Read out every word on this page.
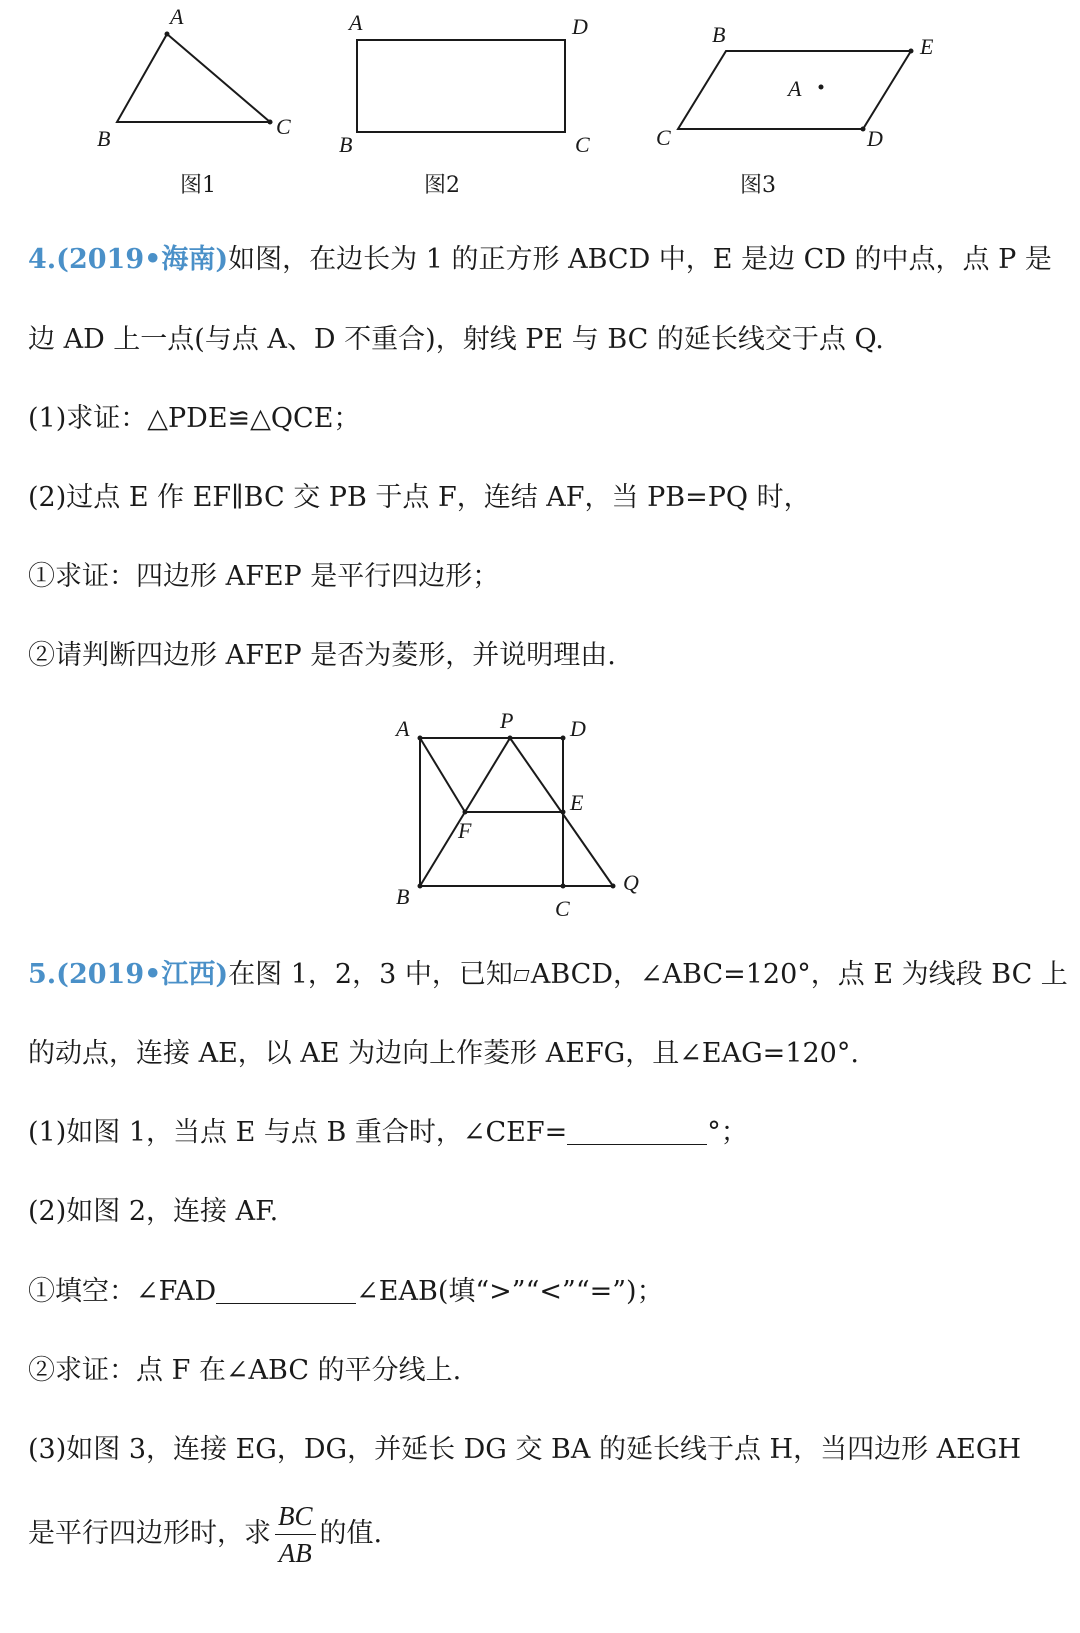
A
B	C
图1
A	D
B	C
图2
B	E
A
C	D
图3
4.(2019•海南)如图，在边长为 1 的正方形 ABCD 中，E 是边 CD 的中点，点 P 是
边 AD 上一点(与点 A、D 不重合)，射线 PE 与 BC 的延长线交于点 Q.
(1)求证：△PDE≌△QCE；
(2)过点 E 作 EF∥BC 交 PB 于点 F，连结 AF，当 PB=PQ 时，
①求证：四边形 AFEP 是平行四边形；
②请判断四边形 AFEP 是否为菱形，并说明理由.
A	P	D
E
F
B	C
Q
5.(2019•江西)在图 1，2，3 中，已知 ABCD，∠ABC=120°，点 E 为线段 BC 上
的动点，连接 AE，以 AE 为边向上作菱形 AEFG，且∠EAG=120°.
(1)如图 1，当点 E 与点 B 重合时，∠CEF=	°；
(2)如图 2，连接 AF.
①填空：∠FAD	∠EAB(填“>”“<”“=”)；
②求证：点 F 在∠ABC 的平分线上.
(3)如图 3，连接 EG，DG，并延长 DG 交 BA 的延长线于点 H，当四边形 AEGH
是平行四边形时，求 $\frac{BC}{AB}$ 的值.
